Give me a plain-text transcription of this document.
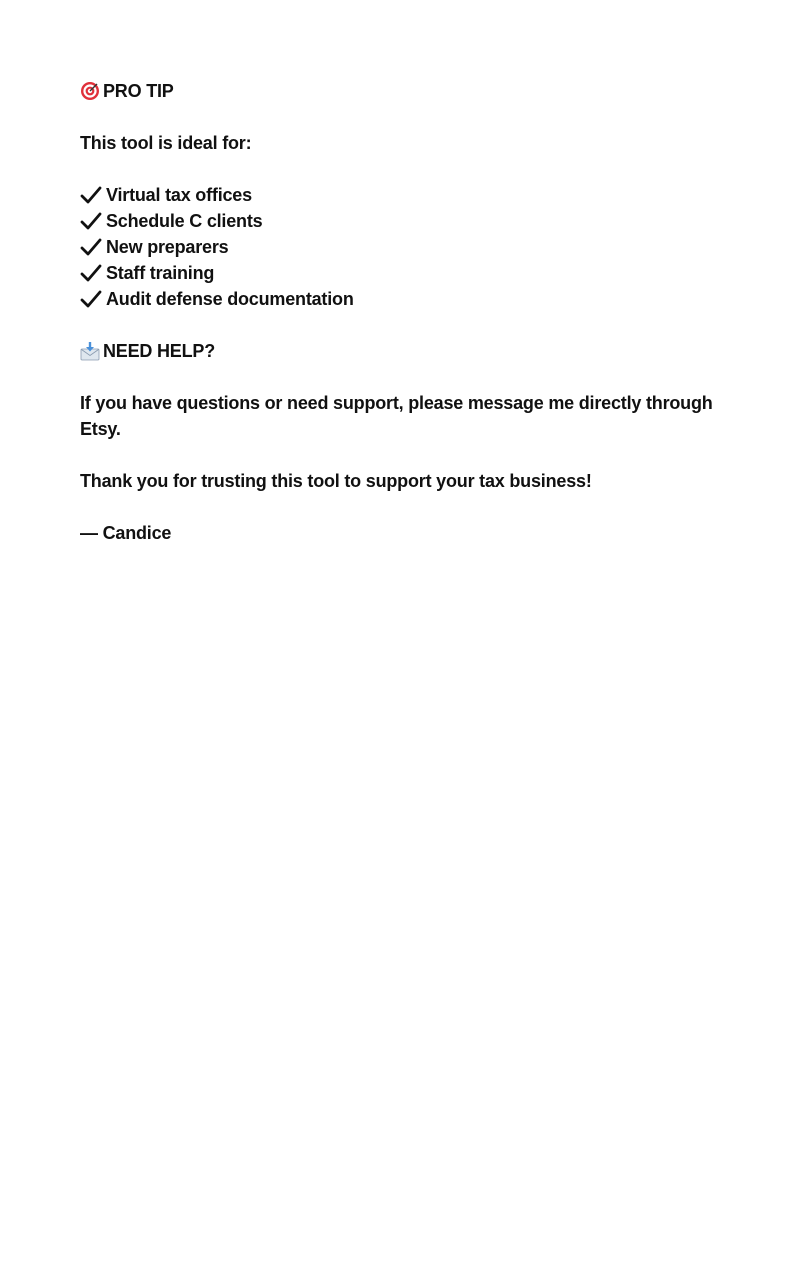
PRO TIP
This tool is ideal for:
Virtual tax offices
Schedule C clients
New preparers
Staff training
Audit defense documentation
NEED HELP?
If you have questions or need support, please message me directly through Etsy.
Thank you for trusting this tool to support your tax business!
— Candice
